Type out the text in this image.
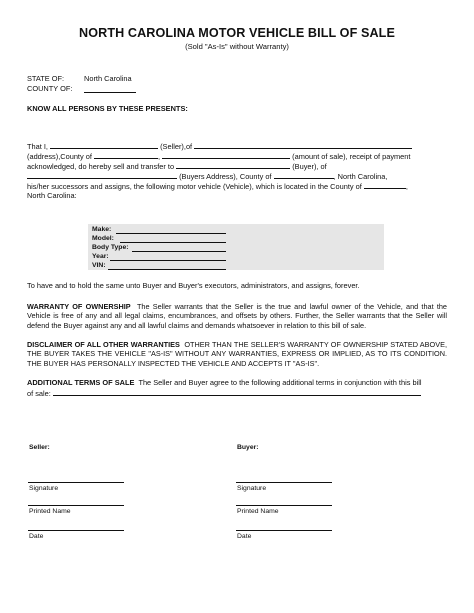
NORTH CAROLINA MOTOR VEHICLE BILL OF SALE
(Sold "As-Is" without Warranty)
STATE OF:	North Carolina
COUNTY OF:
KNOW ALL PERSONS BY THESE PRESENTS:
That I,	(Seller),of
(address),County of	,	(amount of sale), receipt of payment
acknowledged, do hereby sell and transfer to	(Buyer), of
(Buyers Address), County of	, North Carolina,
his/her successors and assigns, the following motor vehicle (Vehicle), which is located in the County of	,
North Carolina:
Make:
Model:
Body Type:
Year:
VIN:
To have and to hold the same unto Buyer and Buyer's executors, administrators, and assigns, forever.
WARRANTY OF OWNERSHIP The Seller warrants that the Seller is the true and lawful owner of the Vehicle, and that the Vehicle is free of any and all legal claims, encumbrances, and offsets by others. Further, the Seller warrants that the Seller will defend the Buyer against any and all lawful claims and demands whatsoever in relation to this bill of sale.
DISCLAIMER OF ALL OTHER WARRANTIES OTHER THAN THE SELLER'S WARRANTY OF OWNERSHIP STATED ABOVE, THE BUYER TAKES THE VEHICLE "AS-IS" WITHOUT ANY WARRANTIES, EXPRESS OR IMPLIED, AS TO ITS CONDITION. THE BUYER HAS PERSONALLY INSPECTED THE VEHICLE AND ACCEPTS IT "AS-IS".
ADDITIONAL TERMS OF SALE The Seller and Buyer agree to the following additional terms in conjunction with this bill
of sale:
Seller:
Signature
Printed Name
Date
Buyer:
Signature
Printed Name
Date
